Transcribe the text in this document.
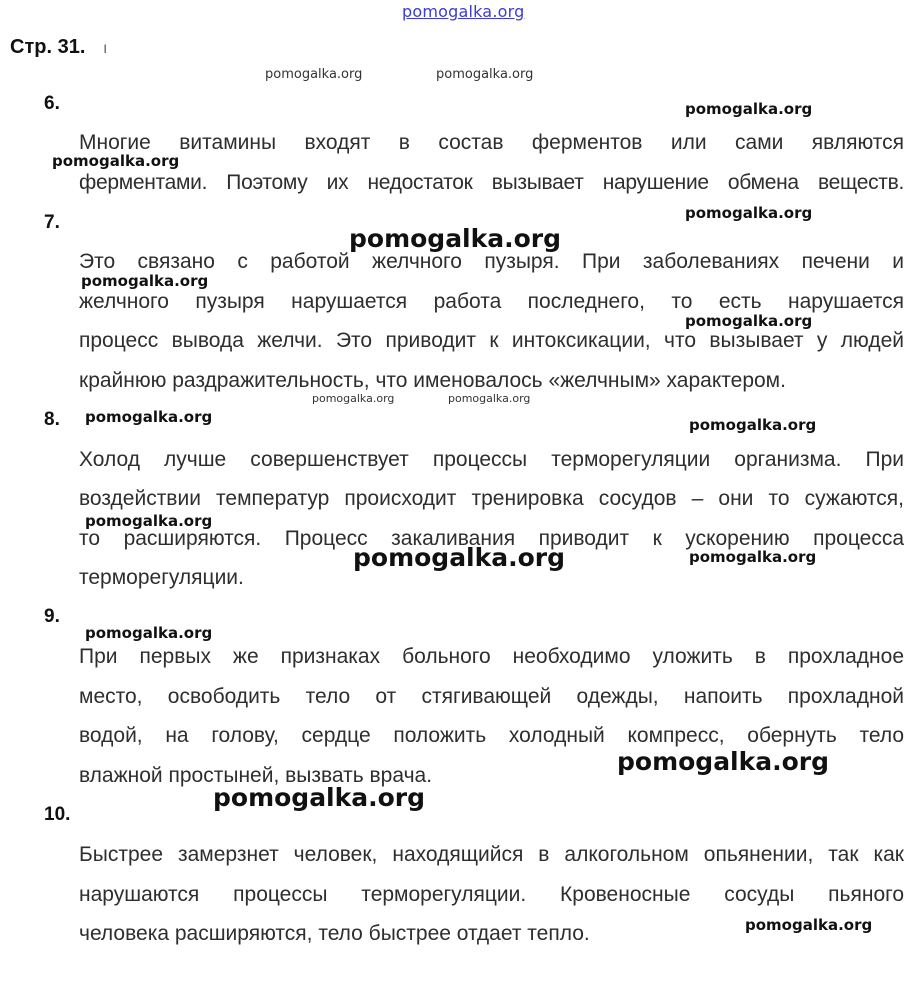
pomogalka.org
Стр. 31. ı
6.
Многие витамины входят в состав ферментов или сами являются
ферментами. Поэтому их недостаток вызывает нарушение обмена веществ.
7.
Это связано с работой желчного пузыря. При заболеваниях печени и
желчного пузыря нарушается работа последнего, то есть нарушается
процесс вывода желчи. Это приводит к интоксикации, что вызывает у людей
крайнюю раздражительность, что именовалось «желчным» характером.
8.
Холод лучше совершенствует процессы терморегуляции организма. При
воздействии температур происходит тренировка сосудов – они то сужаются,
то расширяются. Процесс закаливания приводит к ускорению процесса
терморегуляции.
9.
При первых же признаках больного необходимо уложить в прохладное
место, освободить тело от стягивающей одежды, напоить прохладной
водой, на голову, сердце положить холодный компресс, обернуть тело
влажной простыней, вызвать врача.
10.
Быстрее замерзнет человек, находящийся в алкогольном опьянении, так как
нарушаются процессы терморегуляции. Кровеносные сосуды пьяного
человека расширяются, тело быстрее отдает тепло.
pomogalka.org	pomogalka.org
pomogalka.org
pomogalka.org
pomogalka.org
pomogalka.org
pomogalka.org
pomogalka.org
pomogalka.org	pomogalka.org
pomogalka.org	pomogalka.org
pomogalka.org
pomogalka.org	pomogalka.org
pomogalka.org
pomogalka.org
pomogalka.org
pomogalka.org
